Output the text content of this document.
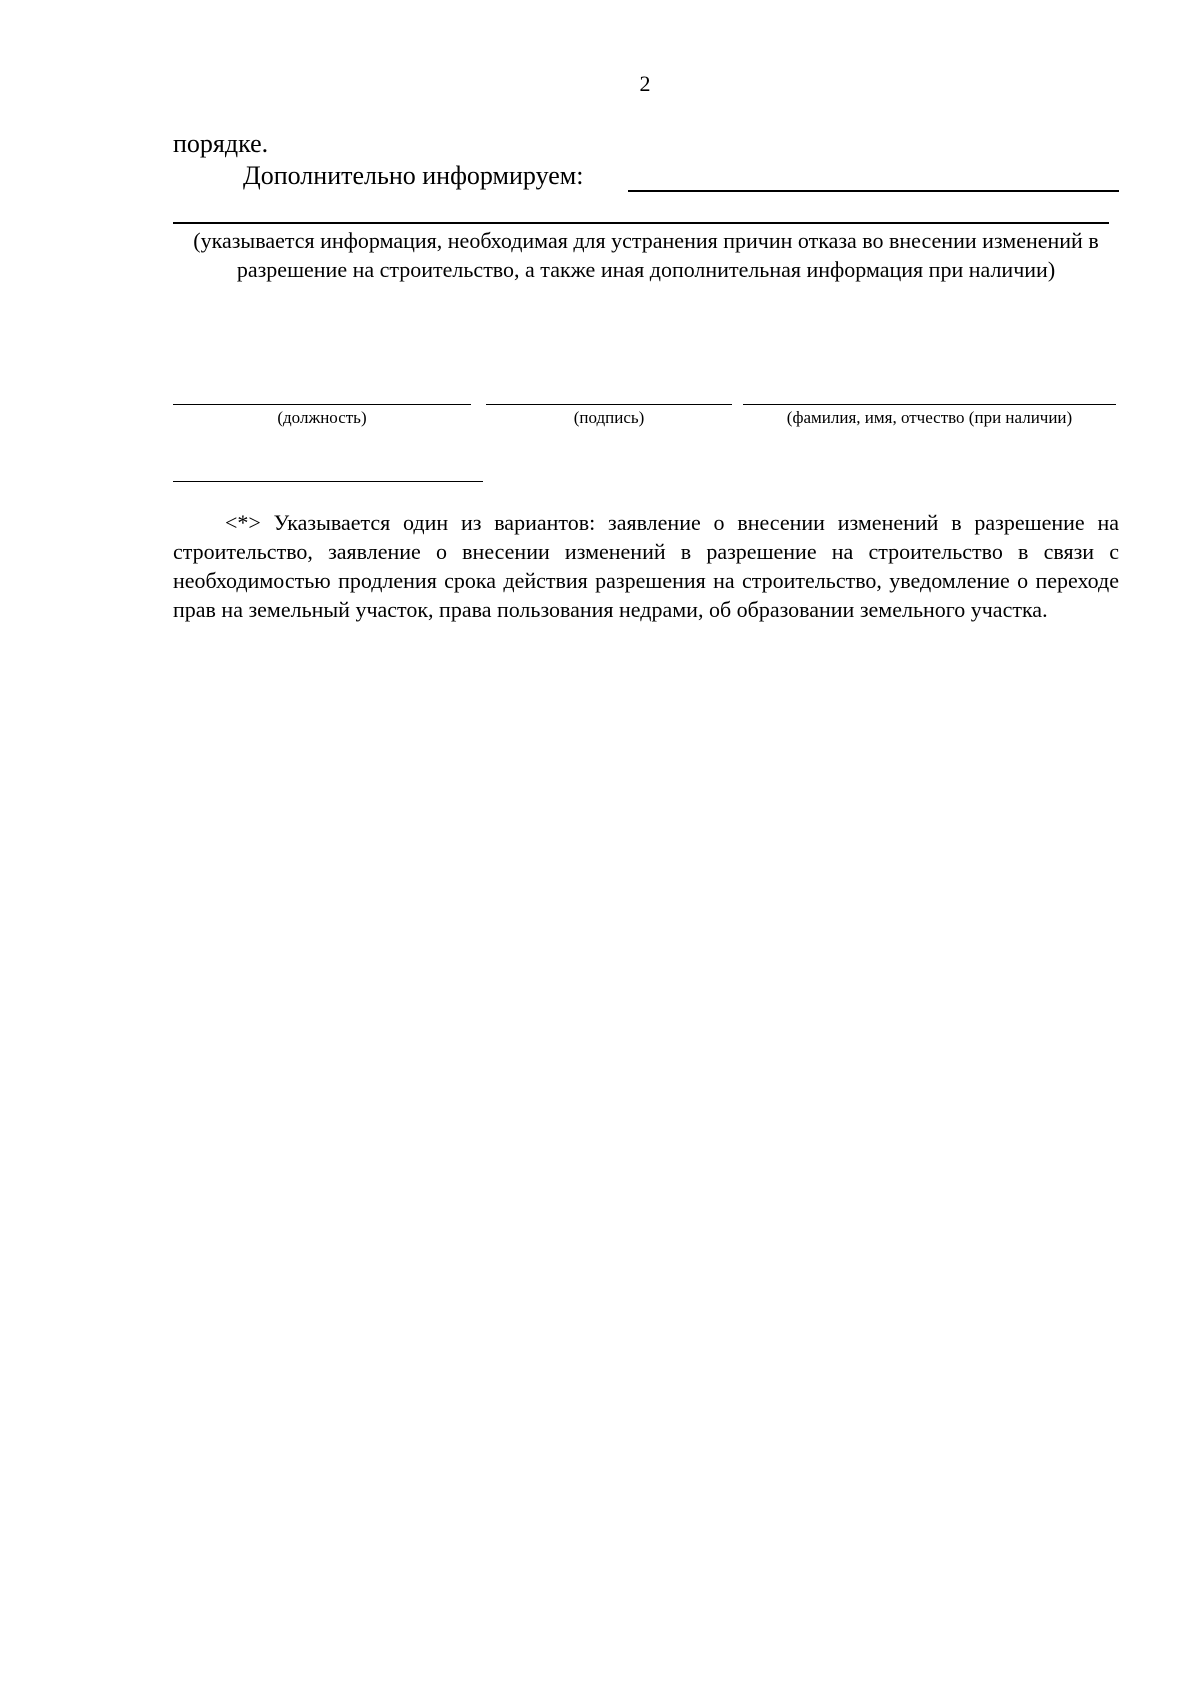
2
порядке.
Дополнительно информируем:
(указывается информация, необходимая для устранения причин отказа во внесении изменений в разрешение на строительство, а также иная дополнительная информация при наличии)
(должность)	(подпись)	(фамилия, имя, отчество (при наличии)
<*> Указывается один из вариантов: заявление о внесении изменений в разрешение на строительство, заявление о внесении изменений в разрешение на строительство в связи с необходимостью продления срока действия разрешения на строительство, уведомление о переходе прав на земельный участок, права пользования недрами, об образовании земельного участка.
